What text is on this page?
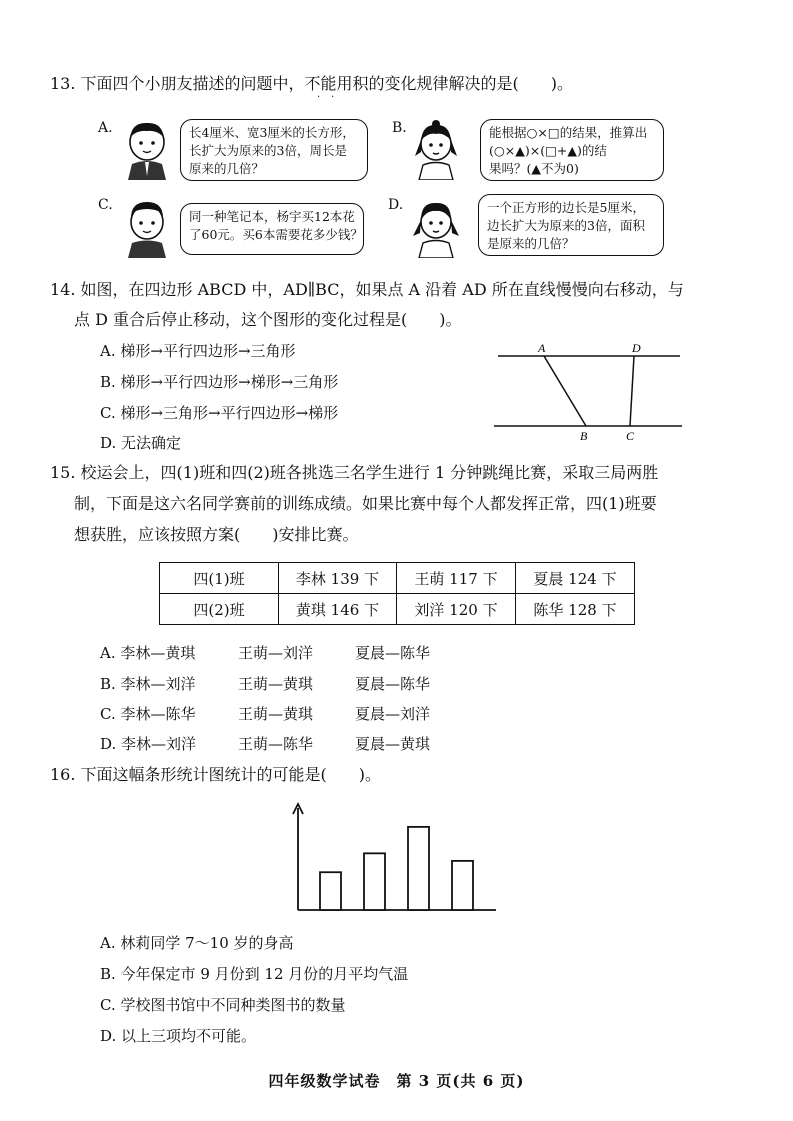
13. 下面四个小朋友描述的问题中，不能用积的变化规律解决的是(　　)。
··
A.	长4厘米、宽3厘米的长方形，
长扩大为原来的3倍，周长是
原来的几倍？
B.	能根据○×□的结果，推算出
(○×▲)×(□+▲)的结
果吗？(▲不为0)
C.
同一种笔记本，杨宇买12本花
了60元。买6本需要花多少钱？
D.	一个正方形的边长是5厘米，
边长扩大为原来的3倍，面积
是原来的几倍？
14. 如图，在四边形 ABCD 中，AD∥BC，如果点 A 沿着 AD 所在直线慢慢向右移动，与
点 D 重合后停止移动，这个图形的变化过程是(　　)。
A. 梯形→平行四边形→三角形
B. 梯形→平行四边形→梯形→三角形
C. 梯形→三角形→平行四边形→梯形
D. 无法确定
A	D
B	C
15. 校运会上，四(1)班和四(2)班各挑选三名学生进行 1 分钟跳绳比赛，采取三局两胜
制，下面是这六名同学赛前的训练成绩。如果比赛中每个人都发挥正常，四(1)班要
想获胜，应该按照方案(　　)安排比赛。
四(1)班	李林 139 下	王萌 117 下	夏晨 124 下
四(2)班	黄琪 146 下	刘洋 120 下	陈华 128 下
A. 李林—黄琪	王萌—刘洋	夏晨—陈华
B. 李林—刘洋	王萌—黄琪	夏晨—陈华
C. 李林—陈华	王萌—黄琪	夏晨—刘洋
D. 李林—刘洋	王萌—陈华	夏晨—黄琪
16. 下面这幅条形统计图统计的可能是(　　)。
A. 林莉同学 7～10 岁的身高
B. 今年保定市 9 月份到 12 月份的月平均气温
C. 学校图书馆中不同种类图书的数量
D. 以上三项均不可能。
四年级数学试卷　第 3 页(共 6 页)
